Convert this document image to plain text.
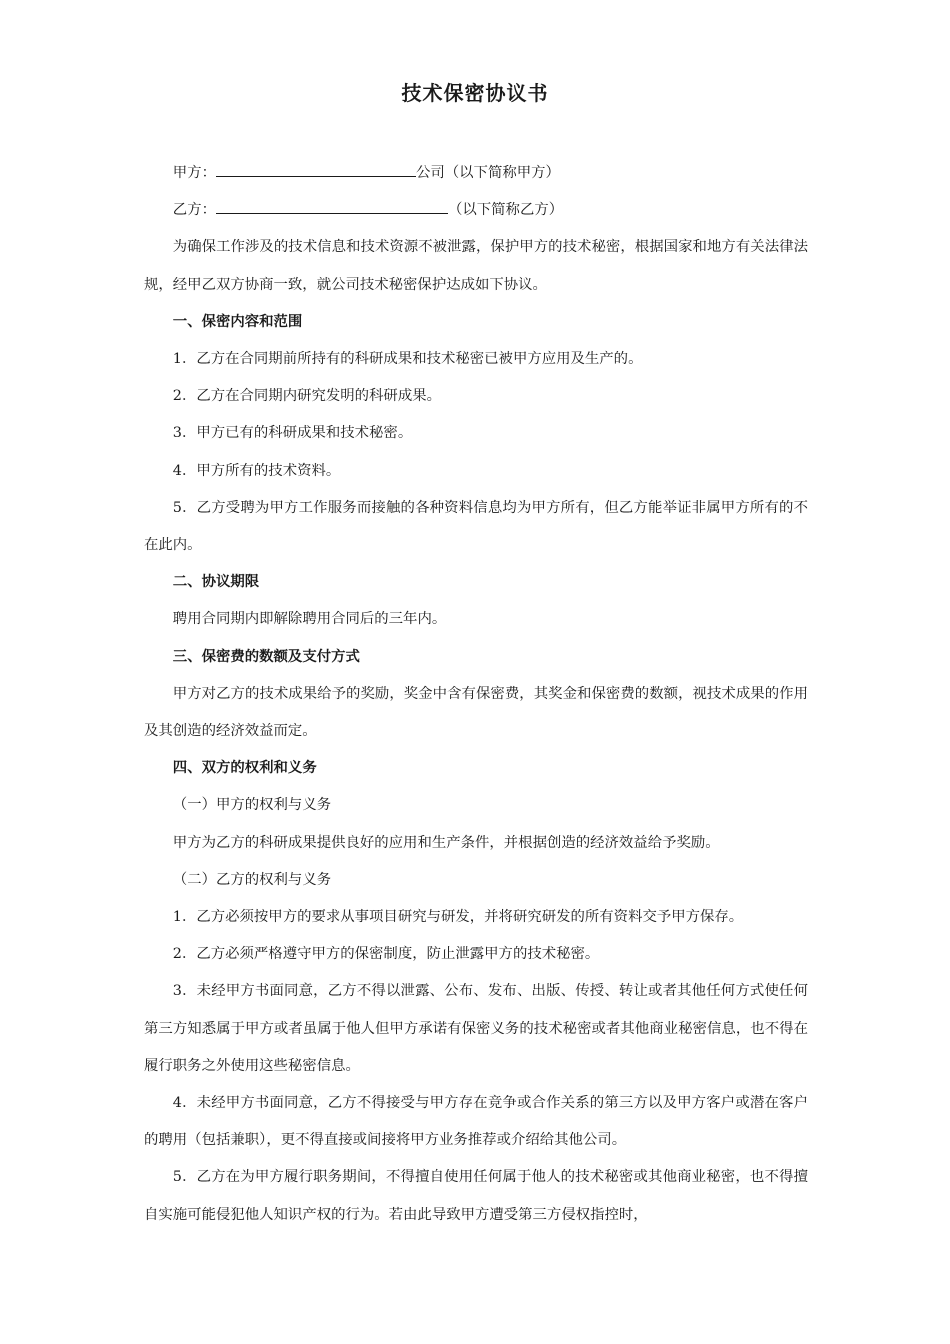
技术保密协议书

甲方：	公司（以下简称甲方）

乙方：	（以下简称乙方）

为确保工作涉及的技术信息和技术资源不被泄露，保护甲方的技术秘密，根据国家和地方有关法律法规，经甲乙双方协商一致，就公司技术秘密保护达成如下协议。

一、保密内容和范围

1．乙方在合同期前所持有的科研成果和技术秘密已被甲方应用及生产的。

2．乙方在合同期内研究发明的科研成果。

3．甲方已有的科研成果和技术秘密。

4．甲方所有的技术资料。

5．乙方受聘为甲方工作服务而接触的各种资料信息均为甲方所有，但乙方能举证非属甲方所有的不在此内。

二、协议期限

聘用合同期内即解除聘用合同后的三年内。

三、保密费的数额及支付方式

甲方对乙方的技术成果给予的奖励，奖金中含有保密费，其奖金和保密费的数额，视技术成果的作用及其创造的经济效益而定。

四、双方的权利和义务

（一）甲方的权利与义务

甲方为乙方的科研成果提供良好的应用和生产条件，并根据创造的经济效益给予奖励。

（二）乙方的权利与义务

1．乙方必须按甲方的要求从事项目研究与研发，并将研究研发的所有资料交予甲方保存。

2．乙方必须严格遵守甲方的保密制度，防止泄露甲方的技术秘密。

3．未经甲方书面同意，乙方不得以泄露、公布、发布、出版、传授、转让或者其他任何方式使任何第三方知悉属于甲方或者虽属于他人但甲方承诺有保密义务的技术秘密或者其他商业秘密信息，也不得在履行职务之外使用这些秘密信息。

4．未经甲方书面同意，乙方不得接受与甲方存在竞争或合作关系的第三方以及甲方客户或潜在客户的聘用（包括兼职），更不得直接或间接将甲方业务推荐或介绍给其他公司。

5．乙方在为甲方履行职务期间，不得擅自使用任何属于他人的技术秘密或其他商业秘密，也不得擅自实施可能侵犯他人知识产权的行为。若由此导致甲方遭受第三方侵权指控时，
